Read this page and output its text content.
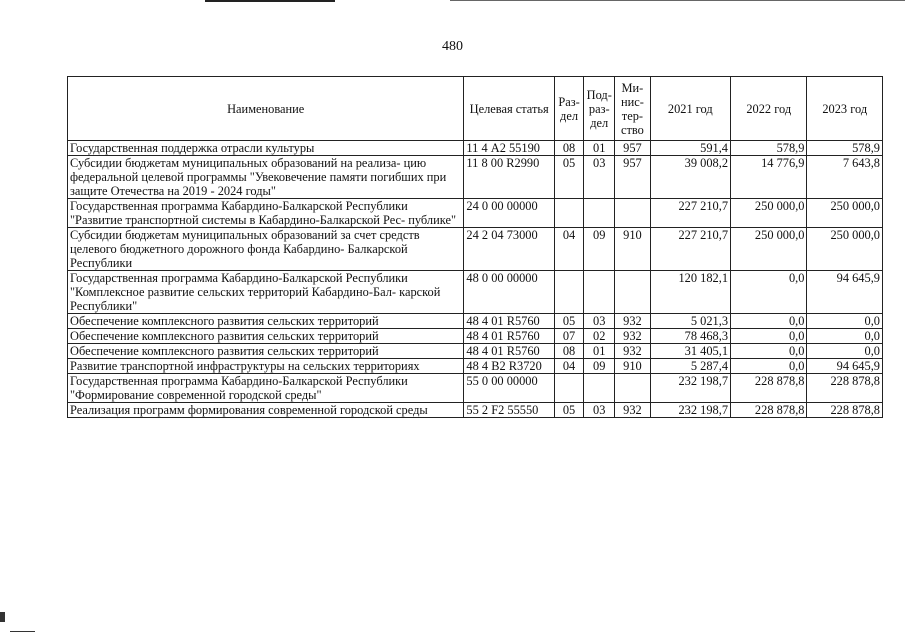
480
Наименование	Целевая статья	Раз- дел	Под- раз- дел	Ми- нис- тер- ство	2021 год	2022 год	2023 год
Государственная поддержка отрасли культуры	11 4 А2 55190	08	01	957	591,4	578,9	578,9
Субсидии бюджетам муниципальных образований на реализа- цию федеральной целевой программы "Увековечение памяти погибших при защите Отечества на 2019 - 2024 годы"	11 8 00 R2990	05	03	957	39 008,2	14 776,9	7 643,8
Государственная программа Кабардино-Балкарской Республики "Развитие транспортной системы в Кабардино-Балкарской Рес- публике"	24 0 00 00000				227 210,7	250 000,0	250 000,0
Субсидии бюджетам муниципальных образований за счет средств целевого бюджетного дорожного фонда Кабардино- Балкарской Республики	24 2 04 73000	04	09	910	227 210,7	250 000,0	250 000,0
Государственная программа Кабардино-Балкарской Республики "Комплексное развитие сельских территорий Кабардино-Бал- карской Республики"	48 0 00 00000				120 182,1	0,0	94 645,9
Обеспечение комплексного развития сельских территорий	48 4 01 R5760	05	03	932	5 021,3	0,0	0,0
Обеспечение комплексного развития сельских территорий	48 4 01 R5760	07	02	932	78 468,3	0,0	0,0
Обеспечение комплексного развития сельских территорий	48 4 01 R5760	08	01	932	31 405,1	0,0	0,0
Развитие транспортной инфраструктуры на сельских территориях	48 4 В2 R3720	04	09	910	5 287,4	0,0	94 645,9
Государственная программа Кабардино-Балкарской Республики "Формирование современной городской среды"	55 0 00 00000				232 198,7	228 878,8	228 878,8
Реализация программ формирования современной городской среды	55 2 F2 55550	05	03	932	232 198,7	228 878,8	228 878,8
